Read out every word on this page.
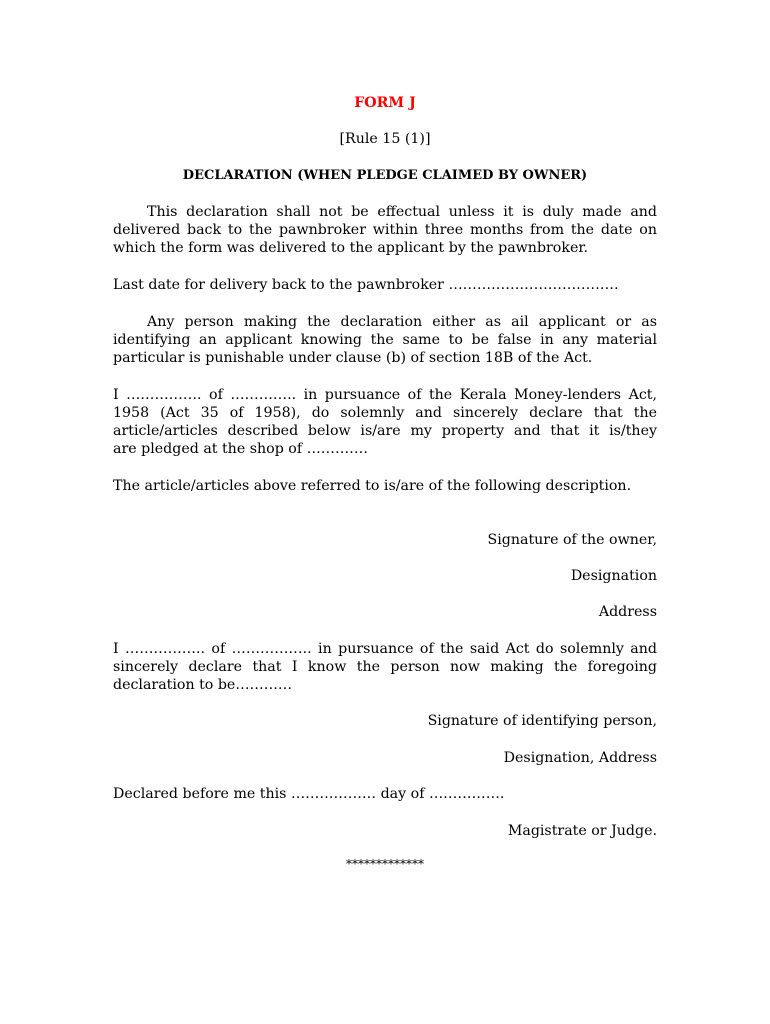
FORM J
[Rule 15 (1)]
DECLARATION (WHEN PLEDGE CLAIMED BY OWNER)
This declaration shall not be effectual unless it is duly made and
delivered back to the pawnbroker within three months from the date on
which the form was delivered to the applicant by the pawnbroker.
Last date for delivery back to the pawnbroker ………………………………
Any person making the declaration either as ail applicant or as
identifying an applicant knowing the same to be false in any material
particular is punishable under clause (b) of section 18B of the Act.
I ……………. of ………….. in pursuance of the Kerala Money-lenders Act,
1958 (Act 35 of 1958), do solemnly and sincerely declare that the
article/articles described below is/are my property and that it is/they
are pledged at the shop of ………….
The article/articles above referred to is/are of the following description.
Signature of the owner,
Designation
Address
I …………….. of …………….. in pursuance of the said Act do solemnly and
sincerely declare that I know the person now making the foregoing
declaration to be…………
Signature of identifying person,
Designation, Address
Declared before me this ……………… day of …………….
Magistrate or Judge.
*************
